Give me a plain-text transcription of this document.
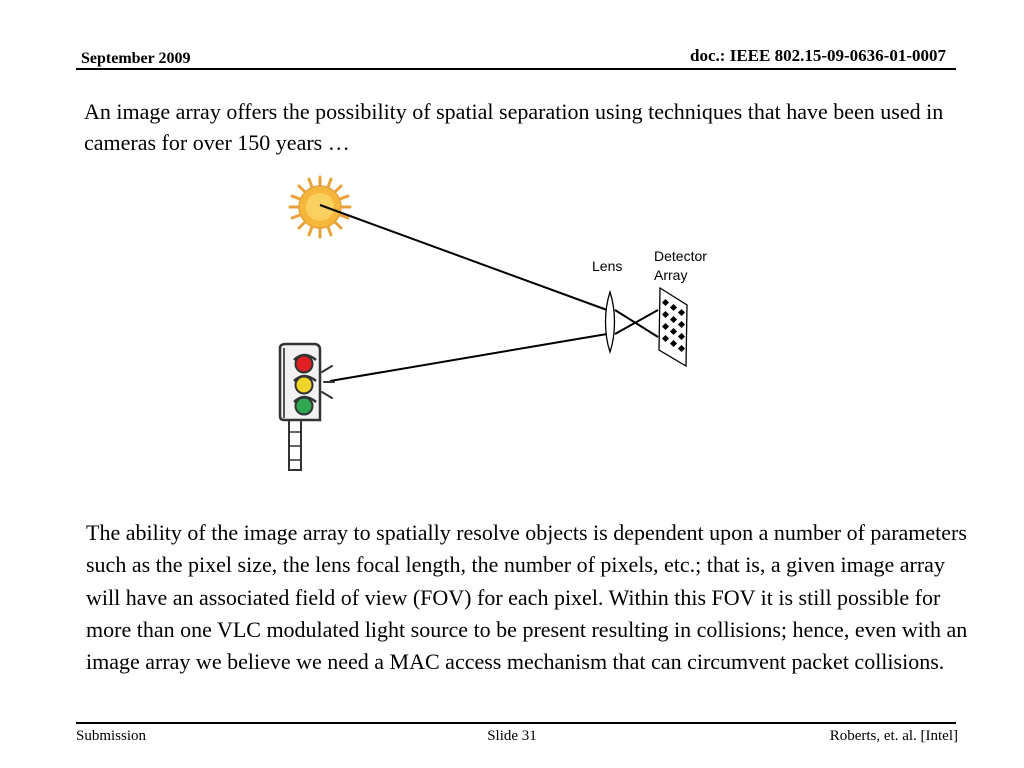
September 2009	doc.: IEEE 802.15-09-0636-01-0007
An image array offers the possibility of spatial separation using techniques that have been used in cameras for over 150 years …
Lens
Detector
Array
The ability of the image array to spatially resolve objects is dependent upon a number of parameters such as the pixel size, the lens focal length, the number of pixels, etc.; that is, a given image array will have an associated field of view (FOV) for each pixel. Within this FOV it is still possible for more than one VLC modulated light source to be present resulting in collisions; hence, even with an image array we believe we need a MAC access mechanism that can circumvent packet collisions.
Submission	Slide 31	Roberts, et. al. [Intel]
